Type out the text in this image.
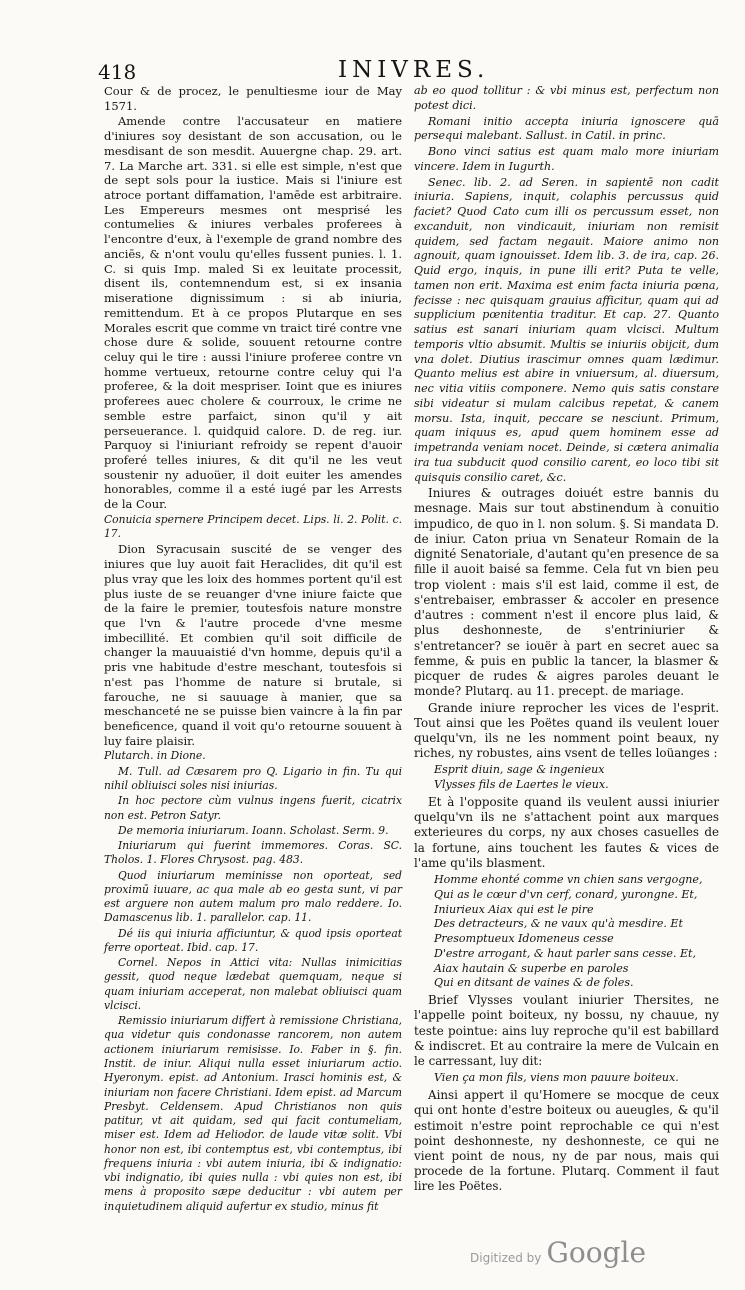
418	INIVRES.

Cour & de procez, le penultiesme iour de May 1571.

Amende contre l'accusateur en matiere d'iniures soy desistant de son accusation, ou le mesdisant de son mesdit. Auuergne chap. 29. art. 7. La Marche art. 331. si elle est simple, n'est que de sept sols pour la iustice. Mais si l'iniure est atroce portant diffamation, l'amēde est arbitraire. Les Empereurs mesmes ont mesprisé les contumelies & iniures verbales proferees à l'encontre d'eux, à l'exemple de grand nombre des anciēs, & n'ont voulu qu'elles fussent punies. l. 1. C. si quis Imp. maled Si ex leuitate processit, disent ils, contemnendum est, si ex insania miseratione dignissimum : si ab iniuria, remittendum. Et à ce propos Plutarque en ses Morales escrit que comme vn traict tiré contre vne chose dure & solide, souuent retourne contre celuy qui le tire : aussi l'iniure proferee contre vn homme vertueux, retourne contre celuy qui l'a proferee, & la doit mespriser. Ioint que es iniures proferees auec cholere & courroux, le crime ne semble estre parfaict, sinon qu'il y ait perseuerance. l. quidquid calore. D. de reg. iur. Parquoy si l'iniuriant refroidy se repent d'auoir proferé telles iniures, & dit qu'il ne les veut soustenir ny aduoüer, il doit euiter les amendes honorables, comme il a esté iugé par les Arrests de la Cour.

Conuicia spernere Principem decet. Lips. li. 2. Polit. c. 17.

Dion Syracusain suscité de se venger des iniures que luy auoit fait Heraclides, dit qu'il est plus vray que les loix des hommes portent qu'il est plus iuste de se reuanger d'vne iniure faicte que de la faire le premier, toutesfois nature monstre que l'vn & l'autre procede d'vne mesme imbecillité. Et combien qu'il soit difficile de changer la mauuaistié d'vn homme, depuis qu'il a pris vne habitude d'estre meschant, toutesfois si n'est pas l'homme de nature si brutale, si farouche, ne si sauuage à manier, que sa meschanceté ne se puisse bien vaincre à la fin par beneficence, quand il voit qu'o retourne souuent à luy faire plaisir.

Plutarch. in Dione.

M. Tull. ad Cæsarem pro Q. Ligario in fin. Tu qui nihil obliuisci soles nisi iniurias.

In hoc pectore cùm vulnus ingens fuerit, cicatrix non est. Petron Satyr.

De memoria iniuriarum. Ioann. Scholast. Serm. 9.

Iniuriarum qui fuerint immemores. Coras. SC. Tholos. 1. Flores Chrysost. pag. 483.

Quod iniuriarum meminisse non oporteat, sed proximū iuuare, ac qua male ab eo gesta sunt, vi par est arguere non autem malum pro malo reddere. Io. Damascenus lib. 1. parallelor. cap. 11.

Dé iis qui iniuria afficiuntur, & quod ipsis oporteat ferre oporteat. Ibid. cap. 17.

Cornel. Nepos in Attici vita: Nullas inimicitias gessit, quod neque lædebat quemquam, neque si quam iniuriam acceperat, non malebat obliuisci quam vlcisci.

Remissio iniuriarum differt à remissione Christiana, qua videtur quis condonasse rancorem, non autem actionem iniuriarum remisisse. Io. Faber in §. fin. Instit. de iniur. Aliqui nulla esset iniuriarum actio. Hyeronym. epist. ad Antonium. Irasci hominis est, & iniuriam non facere Christiani. Idem epist. ad Marcum Presbyt. Celdensem. Apud Christianos non quis patitur, vt ait quidam, sed qui facit contumeliam, miser est. Idem ad Heliodor. de laude vitæ solit. Vbi honor non est, ibi contemptus est, vbi contemptus, ibi frequens iniuria : vbi autem iniuria, ibi & indignatio: vbi indignatio, ibi quies nulla : vbi quies non est, ibi mens à proposito sæpe deducitur : vbi autem per inquietudinem aliquid aufertur ex studio, minus fit

ab eo quod tollitur : & vbi minus est, perfectum non potest dici.

Romani initio accepta iniuria ignoscere quā persequi malebant. Sallust. in Catil. in princ.

Bono vinci satius est quam malo more iniuriam vincere. Idem in Iugurth.

Senec. lib. 2. ad Seren. in sapientē non cadit iniuria. Sapiens, inquit, colaphis percussus quid faciet? Quod Cato cum illi os percussum esset, non excanduit, non vindicauit, iniuriam non remisit quidem, sed factam negauit. Maiore animo non agnouit, quam ignouisset. Idem lib. 3. de ira, cap. 26. Quid ergo, inquis, in pune illi erit? Puta te velle, tamen non erit. Maxima est enim facta iniuria pœna, fecisse : nec quisquam grauius afficitur, quam qui ad supplicium pœnitentia traditur. Et cap. 27. Quanto satius est sanari iniuriam quam vlcisci. Multum temporis vltio absumit. Multis se iniuriis obijcit, dum vna dolet. Diutius irascimur omnes quam lædimur. Quanto melius est abire in vniuersum, al. diuersum, nec vitia vitiis componere. Nemo quis satis constare sibi videatur si mulam calcibus repetat, & canem morsu. Ista, inquit, peccare se nesciunt. Primum, quam iniquus es, apud quem hominem esse ad impetranda veniam nocet. Deinde, si cætera animalia ira tua subducit quod consilio carent, eo loco tibi sit quisquis consilio caret, &c.

Iniures & outrages doiuét estre bannis du mesnage. Mais sur tout abstinendum à conuitio impudico, de quo in l. non solum. §. Si mandata D. de iniur. Caton priua vn Senateur Romain de la dignité Senatoriale, d'autant qu'en presence de sa fille il auoit baisé sa femme. Cela fut vn bien peu trop violent : mais s'il est laid, comme il est, de s'entrebaiser, embrasser & accoler en presence d'autres : comment n'est il encore plus laid, & plus deshonneste, de s'entriniurier & s'entretancer? se iouër à part en secret auec sa femme, & puis en public la tancer, la blasmer & picquer de rudes & aigres paroles deuant le monde? Plutarq. au 11. precept. de mariage.

Grande iniure reprocher les vices de l'esprit. Tout ainsi que les Poëtes quand ils veulent louer quelqu'vn, ils ne les nomment point beaux, ny riches, ny robustes, ains vsent de telles loüanges :

Esprit diuin, sage & ingenieux
Vlysses fils de Laertes le vieux.

Et à l'opposite quand ils veulent aussi iniurier quelqu'vn ils ne s'attachent point aux marques exterieures du corps, ny aux choses casuelles de la fortune, ains touchent les fautes & vices de l'ame qu'ils blasment.

Homme ehonté comme vn chien sans vergogne,
Qui as le cœur d'vn cerf, conard, yurongne. Et,
Iniurieux Aiax qui est le pire
Des detracteurs, & ne vaux qu'à mesdire. Et
Presomptueux Idomeneus cesse
D'estre arrogant, & haut parler sans cesse. Et,
Aiax hautain & superbe en paroles
Qui en ditsant de vaines & de foles.

Brief Vlysses voulant iniurier Thersites, ne l'appelle point boiteux, ny bossu, ny chauue, ny teste pointue: ains luy reproche qu'il est babillard & indiscret. Et au contraire la mere de Vulcain en le carressant, luy dit:

Vien ça mon fils, viens mon pauure boiteux.

Ainsi appert il qu'Homere se mocque de ceux qui ont honte d'estre boiteux ou aueugles, & qu'il estimoit n'estre point reprochable ce qui n'est point deshonneste, ny deshonneste, ce qui ne vient point de nous, ny de par nous, mais qui procede de la fortune. Plutarq. Comment il faut lire les Poëtes.

Digitized by Google
